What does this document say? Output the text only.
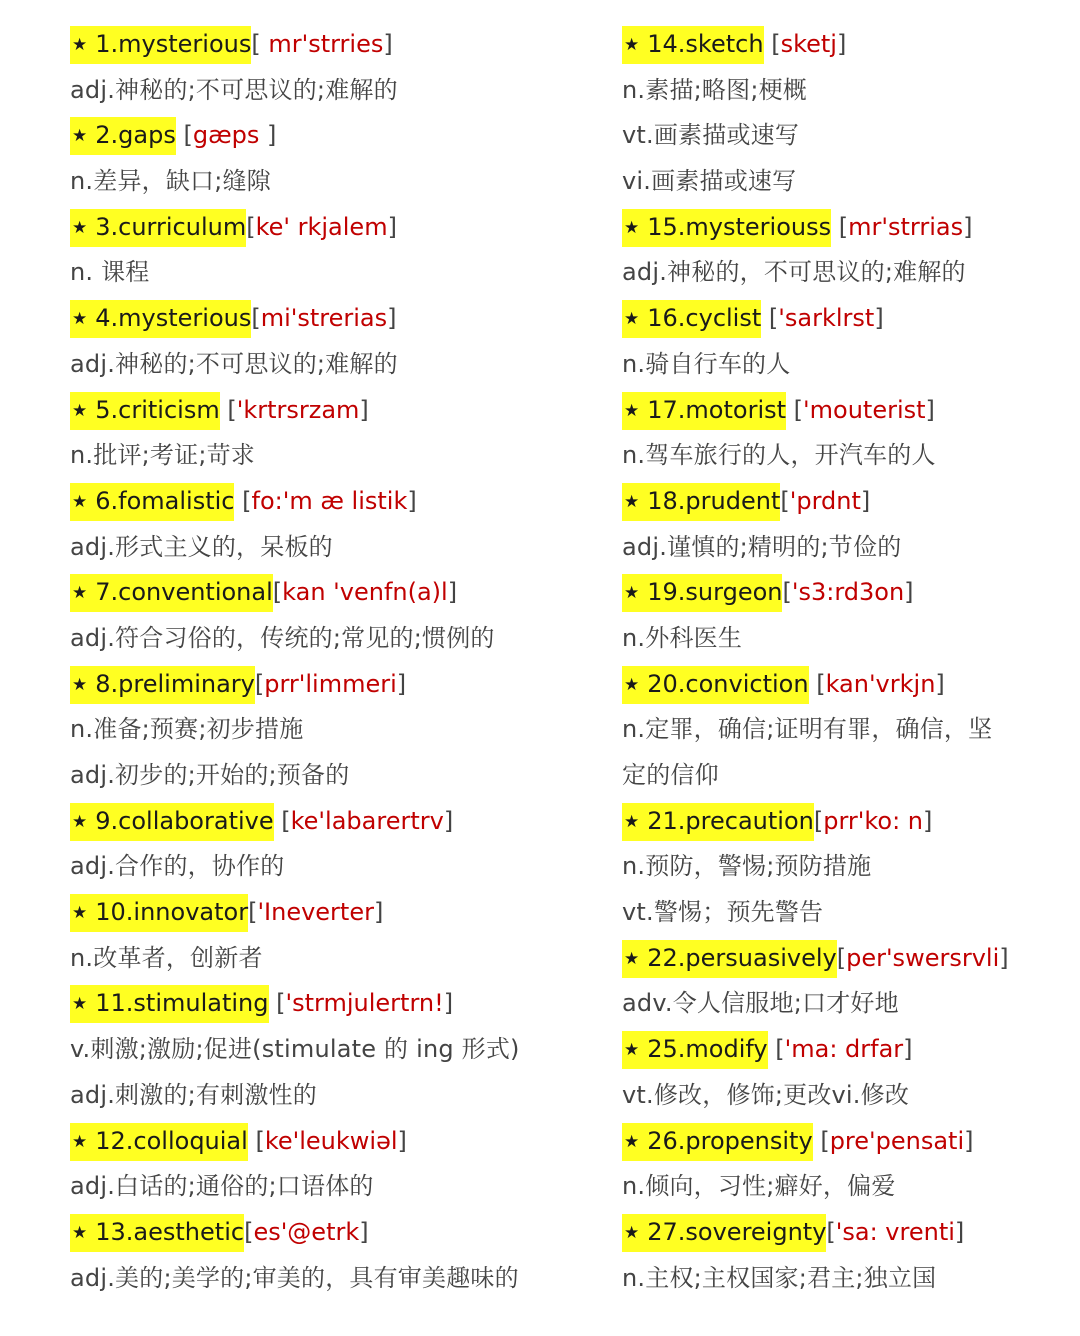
★ 1.mysterious[ mr'strries]
adj.神秘的;不可思议的;难解的
★ 2.gaps [gæps ]
n.差异，缺口;缝隙
★ 3.curriculum[ke' rkjalem]
n. 课程
★ 4.mysterious[mi'strerias]
adj.神秘的;不可思议的;难解的
★ 5.criticism ['krtrsrzam]
n.批评;考证;苛求
★ 6.fomalistic [fo:'m æ listik]
adj.形式主义的，呆板的
★ 7.conventional[kan 'venfn(a)l]
adj.符合习俗的，传统的;常见的;惯例的
★ 8.preliminary[prr'limmeri]
n.准备;预赛;初步措施
adj.初步的;开始的;预备的
★ 9.collaborative [ke'labarertrv]
adj.合作的，协作的
★ 10.innovator['Ineverter]
n.改革者，创新者
★ 11.stimulating ['strmjulertrn!]
v.刺激;激励;促进(stimulate 的 ing 形式)
adj.刺激的;有刺激性的
★ 12.colloquial [ke'leukwiəl]
adj.白话的;通俗的;口语体的
★ 13.aesthetic[es'@etrk]
adj.美的;美学的;审美的，具有审美趣味的
★ 14.sketch [sketj]
n.素描;略图;梗概
vt.画素描或速写
vi.画素描或速写
★ 15.mysteriouss [mr'strrias]
adj.神秘的，不可思议的;难解的
★ 16.cyclist ['sarklrst]
n.骑自行车的人
★ 17.motorist ['mouterist]
n.驾车旅行的人，开汽车的人
★ 18.prudent['prdnt]
adj.谨慎的;精明的;节俭的
★ 19.surgeon['s3:rd3on]
n.外科医生
★ 20.conviction [kan'vrkjn]
n.定罪，确信;证明有罪，确信，坚
定的信仰
★ 21.precaution[prr'ko: n]
n.预防，警惕;预防措施
vt.警惕；预先警告
★ 22.persuasively[per'swersrvli]
adv.令人信服地;口才好地
★ 25.modify ['ma: drfar]
vt.修改，修饰;更改vi.修改
★ 26.propensity [pre'pensati]
n.倾向，习性;癖好，偏爱
★ 27.sovereignty['sa: vrenti]
n.主权;主权国家;君主;独立国
